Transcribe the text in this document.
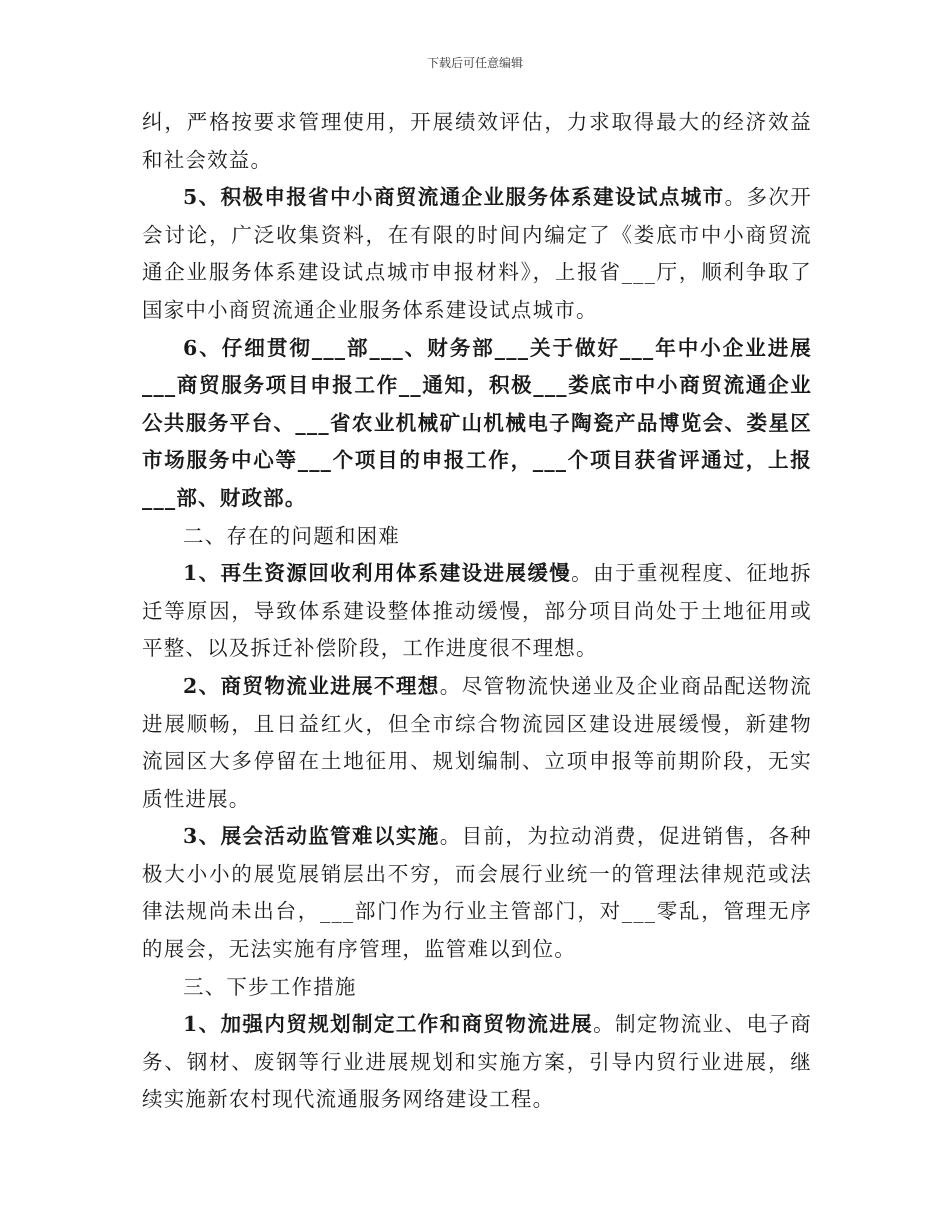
下载后可任意编辑

纠，严格按要求管理使用，开展绩效评估，力求取得最大的经济效益和社会效益。

5、积极申报省中小商贸流通企业服务体系建设试点城市。多次开会讨论，广泛收集资料，在有限的时间内编定了《娄底市中小商贸流通企业服务体系建设试点城市申报材料》，上报省___厅，顺利争取了国家中小商贸流通企业服务体系建设试点城市。

6、仔细贯彻___部___、财务部___关于做好___年中小企业进展___商贸服务项目申报工作__通知，积极___娄底市中小商贸流通企业公共服务平台、___省农业机械矿山机械电子陶瓷产品博览会、娄星区市场服务中心等___个项目的申报工作，___个项目获省评通过，上报___部、财政部。

二、存在的问题和困难

1、再生资源回收利用体系建设进展缓慢。由于重视程度、征地拆迁等原因，导致体系建设整体推动缓慢，部分项目尚处于土地征用或平整、以及拆迁补偿阶段，工作进度很不理想。

2、商贸物流业进展不理想。尽管物流快递业及企业商品配送物流进展顺畅，且日益红火，但全市综合物流园区建设进展缓慢，新建物流园区大多停留在土地征用、规划编制、立项申报等前期阶段，无实质性进展。

3、展会活动监管难以实施。目前，为拉动消费，促进销售，各种极大小小的展览展销层出不穷，而会展行业统一的管理法律规范或法律法规尚未出台，___部门作为行业主管部门，对___零乱，管理无序的展会，无法实施有序管理，监管难以到位。

三、下步工作措施

1、加强内贸规划制定工作和商贸物流进展。制定物流业、电子商务、钢材、废钢等行业进展规划和实施方案，引导内贸行业进展，继续实施新农村现代流通服务网络建设工程。
